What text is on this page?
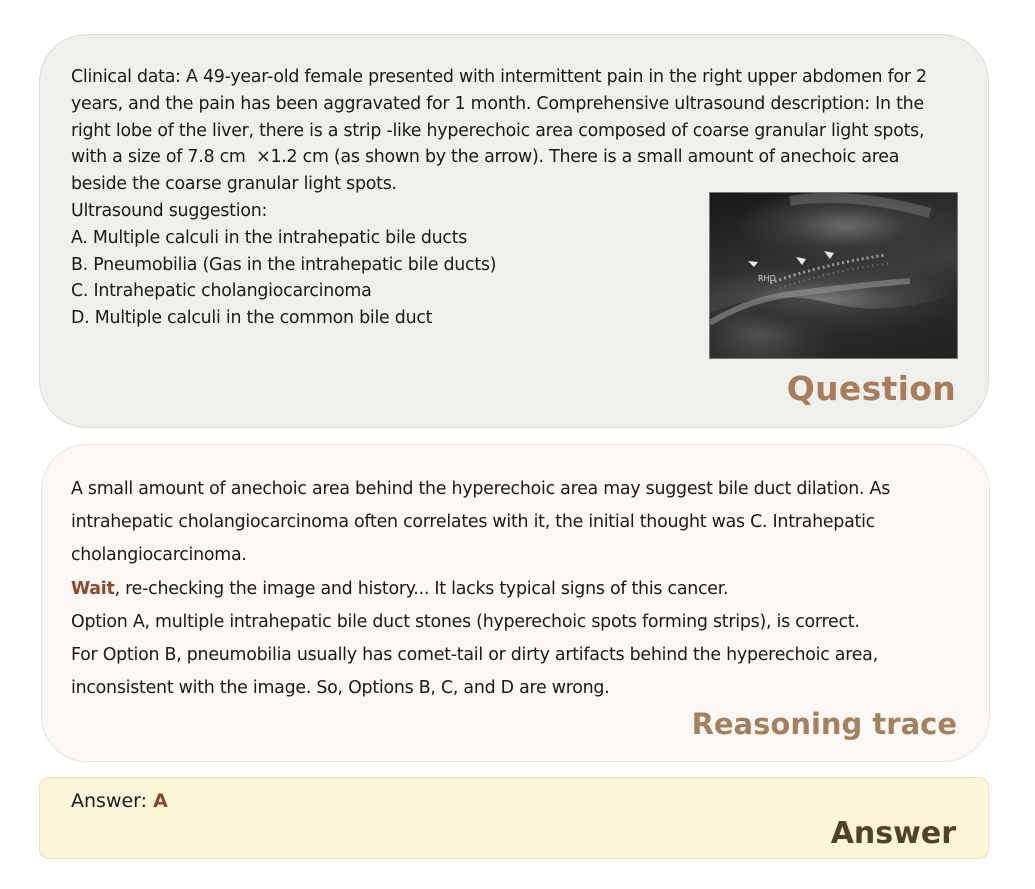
Clinical data: A 49-year-old female presented with intermittent pain in the right upper abdomen for 2 years, and the pain has been aggravated for 1 month. Comprehensive ultrasound description: In the right lobe of the liver, there is a strip -like hyperechoic area composed of coarse granular light spots, with a size of 7.8 cm  ×1.2 cm (as shown by the arrow). There is a small amount of anechoic area beside the coarse granular light spots.

Ultrasound suggestion:

A. Multiple calculi in the intrahepatic bile ducts

B. Pneumobilia (Gas in the intrahepatic bile ducts)

C. Intrahepatic cholangiocarcinoma

D. Multiple calculi in the common bile duct

RHD
Question

A small amount of anechoic area behind the hyperechoic area may suggest bile duct dilation. As intrahepatic cholangiocarcinoma often correlates with it, the initial thought was C. Intrahepatic cholangiocarcinoma.

Wait, re-checking the image and history... It lacks typical signs of this cancer.

Option A, multiple intrahepatic bile duct stones (hyperechoic spots forming strips), is correct.

For Option B, pneumobilia usually has comet-tail or dirty artifacts behind the hyperechoic area, inconsistent with the image. So, Options B, C, and D are wrong.

Reasoning trace
Answer: A
Answer
